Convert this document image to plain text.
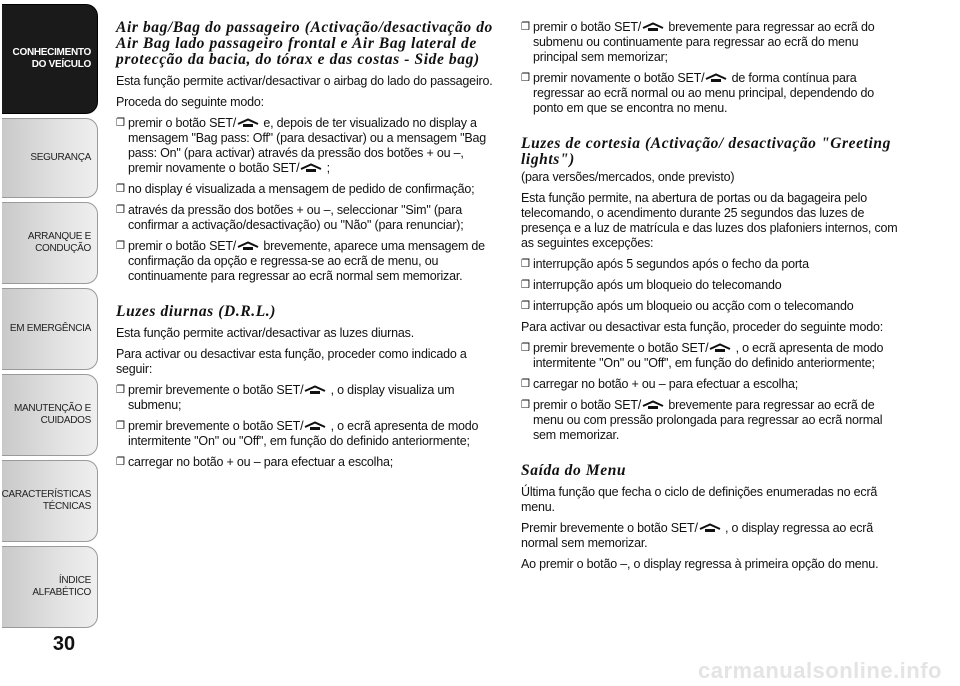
CONHECIMENTO
DO VEÍCULO
SEGURANÇA
ARRANQUE E
CONDUÇÃO
EM EMERGÊNCIA
MANUTENÇÃO E
CUIDADOS
CARACTERÍSTICAS
TÉCNICAS
ÍNDICE ALFABÉTICO
30
Air bag/Bag do passageiro (Activação/desactivação do Air Bag lado passageiro frontal e Air Bag lateral de protecção da bacia, do tórax e das costas - Side bag)

Esta função permite activar/desactivar o airbag do lado do passageiro.

Proceda do seguinte modo:

❐ premir o botão SET/
e, depois de ter visualizado no display a mensagem "Bag pass: Off" (para desactivar) ou a mensagem "Bag pass: On" (para activar) através da pressão dos botões + ou –, premir novamente o botão SET/
;
❐ no display é visualizada a mensagem de pedido de confirmação;
❐ através da pressão dos botões + ou –, seleccionar "Sim" (para confirmar a activação/desactivação) ou "Não" (para renunciar);
❐ premir o botão SET/
brevemente, aparece uma mensagem de confirmação da opção e regressa-se ao ecrã de menu, ou continuamente para regressar ao ecrã normal sem memorizar.
Luzes diurnas (D.R.L.)

Esta função permite activar/desactivar as luzes diurnas.

Para activar ou desactivar esta função, proceder como indicado a seguir:

❐ premir brevemente o botão SET/
, o display visualiza um submenu;
❐ premir brevemente o botão SET/
, o ecrã apresenta de modo intermitente "On" ou "Off", em função do definido anteriormente;
❐ carregar no botão + ou – para efectuar a escolha;
❐ premir o botão SET/
brevemente para regressar ao ecrã do submenu ou continuamente para regressar ao ecrã do menu principal sem memorizar;
❐ premir novamente o botão SET/
de forma contínua para regressar ao ecrã normal ou ao menu principal, dependendo do ponto em que se encontra no menu.
Luzes de cortesia (Activação/ desactivação "Greeting lights")

(para versões/mercados, onde previsto)

Esta função permite, na abertura de portas ou da bagageira pelo telecomando, o acendimento durante 25 segundos das luzes de presença e a luz de matrícula e das luzes dos plafoniers internos, com as seguintes excepções:

❐ interrupção após 5 segundos após o fecho da porta
❐ interrupção após um bloqueio do telecomando
❐ interrupção após um bloqueio ou acção com o telecomando

Para activar ou desactivar esta função, proceder do seguinte modo:

❐ premir brevemente o botão SET/
, o ecrã apresenta de modo intermitente "On" ou "Off", em função do definido anteriormente;
❐ carregar no botão + ou – para efectuar a escolha;
❐ premir o botão SET/
brevemente para regressar ao ecrã de menu ou com pressão prolongada para regressar ao ecrã normal sem memorizar.
Saída do Menu

Última função que fecha o ciclo de definições enumeradas no ecrã menu.

Premir brevemente o botão SET/
, o display regressa ao ecrã normal sem memorizar.

Ao premir o botão –, o display regressa à primeira opção do menu.

carmanualsonline.info
